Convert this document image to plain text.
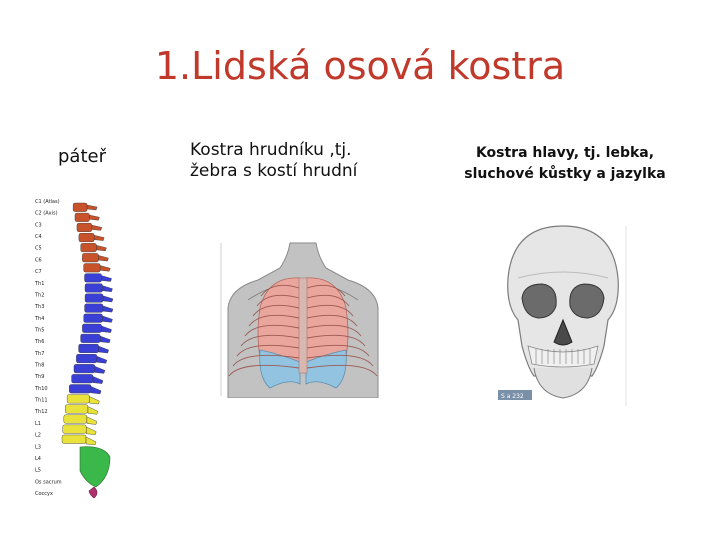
1.Lidská osová kostra
páteř	Kostra hrudníku ,tj.
žebra s kostí hrudní
Kostra hlavy, tj. lebka,
sluchové kůstky a jazylka
C1 (Atlas)
C2 (Axis)
C3
C4
C5
C6
C7
Th1
Th2
Th3
Th4
Th5
Th6
Th7
Th8
Th9
Th10
Th11
Th12
L1
L2
L3
L4
L5
Os sacrum
Coccyx
S a 232
